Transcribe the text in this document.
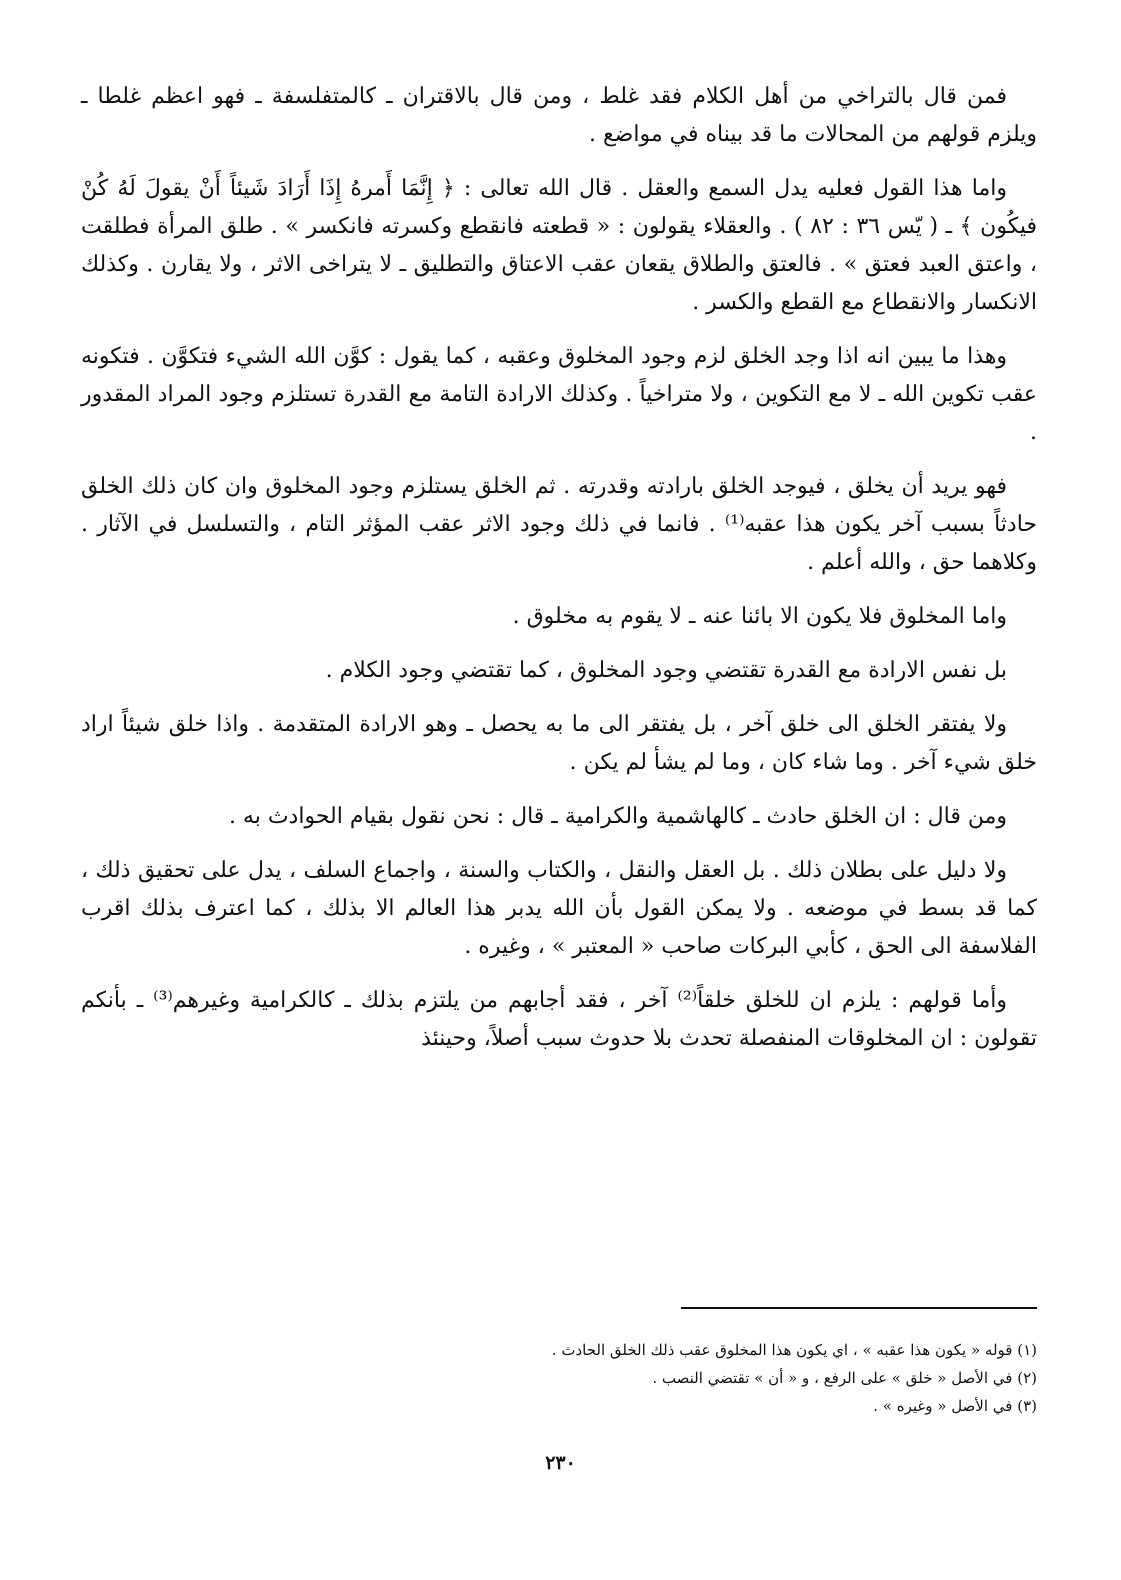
فمن قال بالتراخي من أهل الكلام فقد غلط ، ومن قال بالاقتران ـ كالمتفلسفة ـ فهو اعظم غلطا ـ ويلزم قولهم من المحالات ما قد بيناه في مواضع .

واما هذا القول فعليه يدل السمع والعقل . قال الله تعالى : ﴿ إِنَّمَا أَمرهُ إِذَا أَرَادَ شَيئاً أَنْ يقولَ لَهُ كُنْ فيكُون ﴾ ـ ( يّس ٣٦ : ٨٢ ) . والعقلاء يقولون : « قطعته فانقطع وكسرته فانكسر » . طلق المرأة فطلقت ، واعتق العبد فعتق » . فالعتق والطلاق يقعان عقب الاعتاق والتطليق ـ لا يتراخى الاثر ، ولا يقارن . وكذلك الانكسار والانقطاع مع القطع والكسر .

وهذا ما يبين انه اذا وجد الخلق لزم وجود المخلوق وعقبه ، كما يقول : كوَّن الله الشيء فتكوَّن . فتكونه عقب تكوين الله ـ لا مع التكوين ، ولا متراخياً . وكذلك الارادة التامة مع القدرة تستلزم وجود المراد المقدور .

فهو يريد أن يخلق ، فيوجد الخلق بارادته وقدرته . ثم الخلق يستلزم وجود المخلوق وان كان ذلك الخلق حادثاً بسبب آخر يكون هذا عقبه⁽¹⁾ . فانما في ذلك وجود الاثر عقب المؤثر التام ، والتسلسل في الآثار . وكلاهما حق ، والله أعلم .

واما المخلوق فلا يكون الا بائنا عنه ـ لا يقوم به مخلوق .

بل نفس الارادة مع القدرة تقتضي وجود المخلوق ، كما تقتضي وجود الكلام .

ولا يفتقر الخلق الى خلق آخر ، بل يفتقر الى ما به يحصل ـ وهو الارادة المتقدمة . واذا خلق شيئاً اراد خلق شيء آخر . وما شاء كان ، وما لم يشأ لم يكن .

ومن قال : ان الخلق حادث ـ كالهاشمية والكرامية ـ قال : نحن نقول بقيام الحوادث به .

ولا دليل على بطلان ذلك . بل العقل والنقل ، والكتاب والسنة ، واجماع السلف ، يدل على تحقيق ذلك ، كما قد بسط في موضعه . ولا يمكن القول بأن الله يدبر هذا العالم الا بذلك ، كما اعترف بذلك اقرب الفلاسفة الى الحق ، كأبي البركات صاحب « المعتبر » ، وغيره .

وأما قولهم : يلزم ان للخلق خلقاً⁽²⁾ آخر ، فقد أجابهم من يلتزم بذلك ـ كالكرامية وغيرهم⁽³⁾ ـ بأنكم تقولون : ان المخلوقات المنفصلة تحدث بلا حدوث سبب أصلاً، وحينئذ

(١) قوله « يكون هذا عقبه » ، اي يكون هذا المخلوق عقب ذلك الخلق الحادث .

(٢) في الأصل « خلق » على الرفع ، و « أن » تقتضي النصب .

(٣) في الأصل « وغيره » .

٢٣٠
